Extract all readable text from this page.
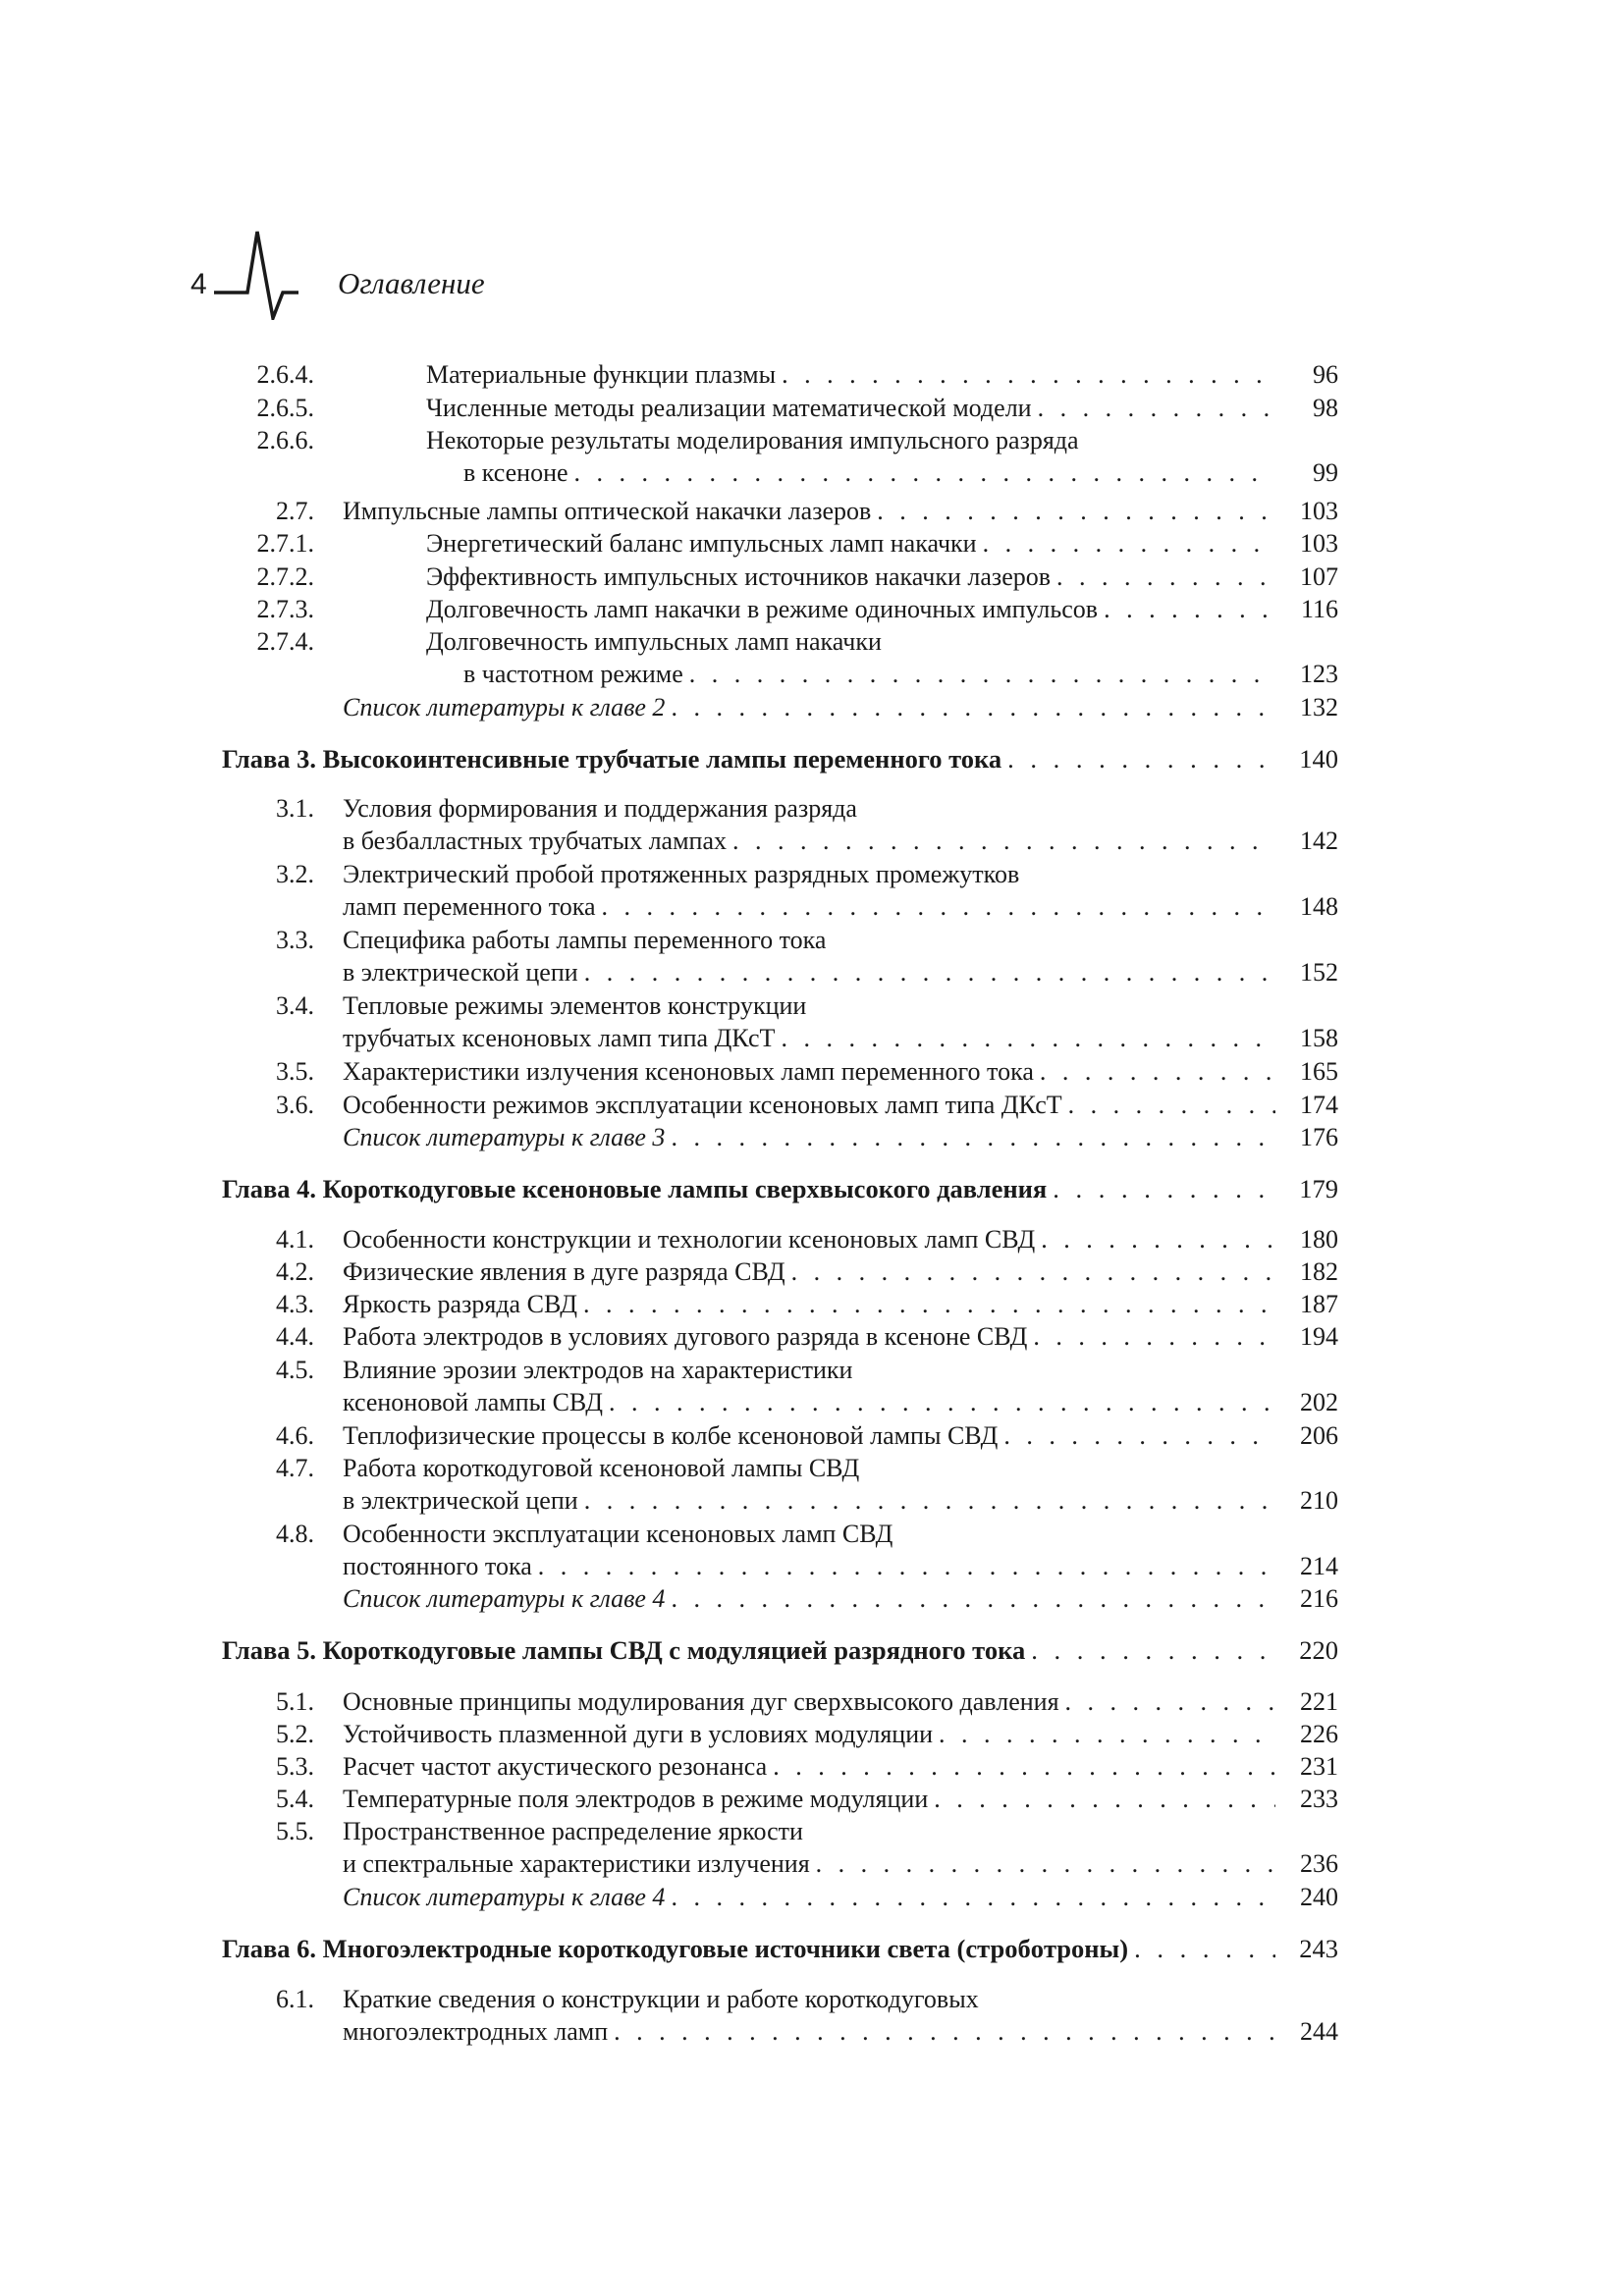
4	Оглавление
2.6.4.	Материальные функции плазмы . . .	96
2.6.5.	Численные методы реализации математической модели . . .	98
2.6.6.	Некоторые результаты моделирования импульсного разряда
в ксеноне . . .	99
2.7. Импульсные лампы оптической накачки лазеров . . .	103
2.7.1.	Энергетический баланс импульсных ламп накачки . . .	103
2.7.2.	Эффективность импульсных источников накачки лазеров . . .	107
2.7.3.	Долговечность ламп накачки в режиме одиночных импульсов . . .	116
2.7.4.	Долговечность импульсных ламп накачки
в частотном режиме . . .	123
Список литературы к главе 2 . . .	132
Глава 3. Высокоинтенсивные трубчатые лампы переменного тока . . .	140
3.1. Условия формирования и поддержания разряда
в безбалластных трубчатых лампах . . .	142
3.2. Электрический пробой протяженных разрядных промежутков
ламп переменного тока . . .	148
3.3. Специфика работы лампы переменного тока
в электрической цепи . . .	152
3.4. Тепловые режимы элементов конструкции
трубчатых ксеноновых ламп типа ДКсТ . . .	158
3.5. Характеристики излучения ксеноновых ламп переменного тока . . .	165
3.6. Особенности режимов эксплуатации ксеноновых ламп типа ДКсТ . . .	174
Список литературы к главе 3 . . .	176
Глава 4. Короткодуговые ксеноновые лампы сверхвысокого давления . . .	179
4.1. Особенности конструкции и технологии ксеноновых ламп СВД . . .	180
4.2. Физические явления в дуге разряда СВД . . .	182
4.3. Яркость разряда СВД . . .	187
4.4. Работа электродов в условиях дугового разряда в ксеноне СВД . . .	194
4.5. Влияние эрозии электродов на характеристики
ксеноновой лампы СВД . . .	202
4.6. Теплофизические процессы в колбе ксеноновой лампы СВД . . .	206
4.7. Работа короткодуговой ксеноновой лампы СВД
в электрической цепи . . .	210
4.8. Особенности эксплуатации ксеноновых ламп СВД
постоянного тока . . .	214
Список литературы к главе 4 . . .	216
Глава 5. Короткодуговые лампы СВД с модуляцией разрядного тока . . .	220
5.1. Основные принципы модулирования дуг сверхвысокого давления . . .	221
5.2. Устойчивость плазменной дуги в условиях модуляции . . .	226
5.3. Расчет частот акустического резонанса . . .	231
5.4. Температурные поля электродов в режиме модуляции . . .	233
5.5. Пространственное распределение яркости
и спектральные характеристики излучения . . .	236
Список литературы к главе 4 . . .	240
Глава 6. Многоэлектродные короткодуговые источники света (стробoтроны) . . .	243
6.1. Краткие сведения о конструкции и работе короткодуговых
многоэлектродных ламп . . .	244
